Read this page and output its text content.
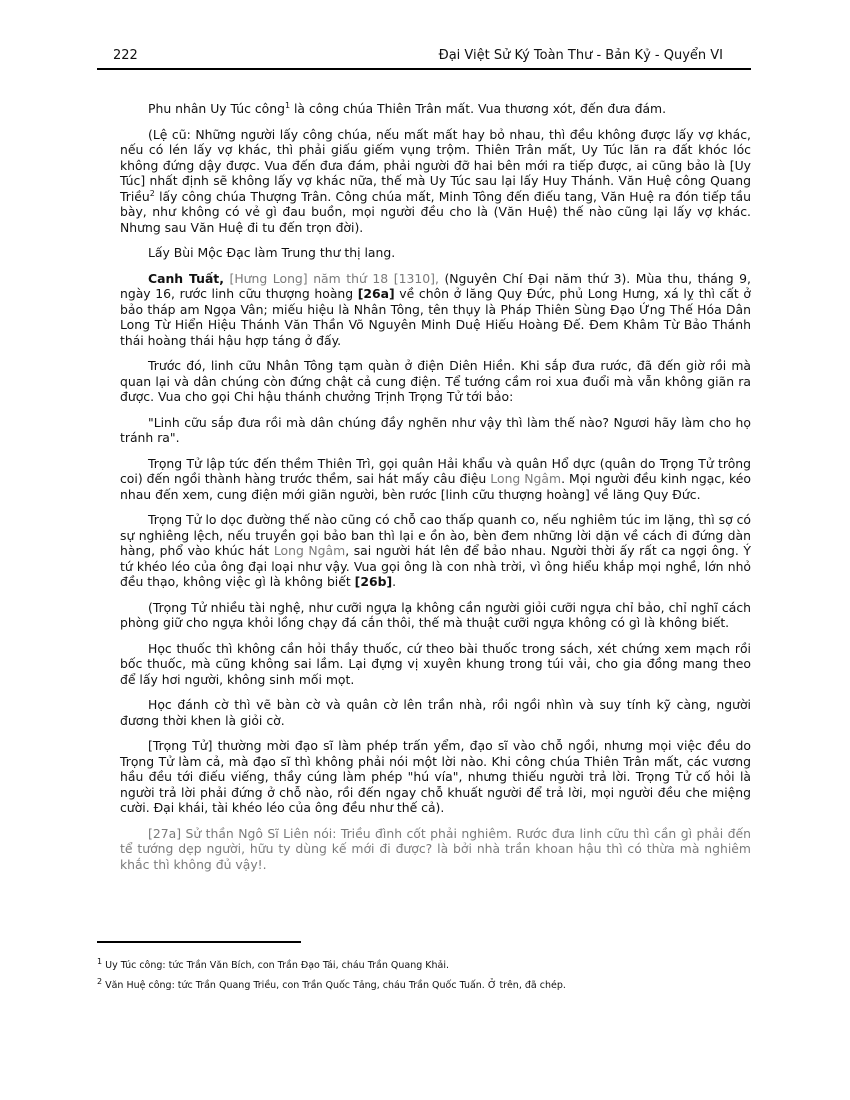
222	Đại Việt Sử Ký Toàn Thư - Bản Kỷ - Quyển VI

Phu nhân Uy Túc công$^1$ là công chúa Thiên Trân mất. Vua thương xót, đến đưa đám.

(Lệ cũ: Những người lấy công chúa, nếu mất mất hay bỏ nhau, thì đều không được lấy vợ khác, nếu có lén lấy vợ khác, thì phải giấu giếm vụng trộm. Thiên Trân mất, Uy Túc lăn ra đất khóc lóc không đứng dậy được. Vua đến đưa đám, phải người đỡ hai bên mới ra tiếp được, ai cũng bảo là [Uy Túc] nhất định sẽ không lấy vợ khác nữa, thế mà Uy Túc sau lại lấy Huy Thánh. Văn Huệ công Quang Triều$^2$ lấy công chúa Thượng Trân. Công chúa mất, Minh Tông đến điếu tang, Văn Huệ ra đón tiếp tầu bày, như không có vẻ gì đau buồn, mọi người đều cho là (Văn Huệ) thế nào cũng lại lấy vợ khác. Nhưng sau Văn Huệ đi tu đến trọn đời).

Lấy Bùi Mộc Đạc làm Trung thư thị lang.

Canh Tuất, [Hưng Long] năm thứ 18 [1310], (Nguyên Chí Đại năm thứ 3). Mùa thu, tháng 9, ngày 16, rước linh cữu thượng hoàng [26a] về chôn ở lăng Quy Đức, phủ Long Hưng, xá lỵ thì cất ở bảo tháp am Ngọa Vân; miếu hiệu là Nhân Tông, tên thụy là Pháp Thiên Sùng Đạo Ứng Thế Hóa Dân Long Từ Hiển Hiệu Thánh Văn Thần Võ Nguyên Minh Duệ Hiếu Hoàng Đế. Đem Khâm Từ Bảo Thánh thái hoàng thái hậu hợp táng ở đấy.

Trước đó, linh cữu Nhân Tông tạm quàn ở điện Diên Hiền. Khi sắp đưa rước, đã đến giờ rồi mà quan lại và dân chúng còn đứng chật cả cung điện. Tể tướng cầm roi xua đuổi mà vẫn không giãn ra được. Vua cho gọi Chi hậu thánh chưởng Trịnh Trọng Tử tới bảo:

"Linh cữu sắp đưa rồi mà dân chúng đầy nghẽn như vậy thì làm thế nào? Ngươi hãy làm cho họ tránh ra".

Trọng Tử lập tức đến thềm Thiên Trì, gọi quân Hải khẩu và quân Hổ dực (quân do Trọng Tử trông coi) đến ngồi thành hàng trước thềm, sai hát mấy câu điệu Long Ngâm. Mọi người đều kinh ngạc, kéo nhau đến xem, cung điện mới giãn người, bèn rước [linh cữu thượng hoàng] về lăng Quy Đức.

Trọng Tử lo dọc đường thế nào cũng có chỗ cao thấp quanh co, nếu nghiêm túc im lặng, thì sợ có sự nghiêng lệch, nếu truyền gọi bảo ban thì lại e ồn ào, bèn đem những lời dặn về cách đi đứng dàn hàng, phổ vào khúc hát Long Ngâm, sai người hát lên để bảo nhau. Người thời ấy rất ca ngợi ông. Ý tứ khéo léo của ông đại loại như vậy. Vua gọi ông là con nhà trời, vì ông hiểu khắp mọi nghề, lớn nhỏ đều thạo, không việc gì là không biết [26b].

(Trọng Tử nhiều tài nghệ, như cưỡi ngựa lạ không cần người giỏi cưỡi ngựa chỉ bảo, chỉ nghĩ cách phòng giữ cho ngựa khỏi lồng chạy đá cắn thôi, thế mà thuật cưỡi ngựa không có gì là không biết.

Học thuốc thì không cần hỏi thầy thuốc, cứ theo bài thuốc trong sách, xét chứng xem mạch rồi bốc thuốc, mà cũng không sai lầm. Lại đựng vị xuyên khung trong túi vải, cho gia đồng mang theo để lấy hơi người, không sinh mối mọt.

Học đánh cờ thì vẽ bàn cờ và quân cờ lên trần nhà, rồi ngồi nhìn và suy tính kỹ càng, người đương thời khen là giỏi cờ.

[Trọng Tử] thường mời đạo sĩ làm phép trấn yểm, đạo sĩ vào chỗ ngồi, nhưng mọi việc đều do Trọng Tử làm cả, mà đạo sĩ thì không phải nói một lời nào. Khi công chúa Thiên Trân mất, các vương hầu đều tới điếu viếng, thầy cúng làm phép "hú vía", nhưng thiếu người trả lời. Trọng Tử cố hỏi là người trả lời phải đứng ở chỗ nào, rồi đến ngay chỗ khuất người để trả lời, mọi người đều che miệng cười. Đại khái, tài khéo léo của ông đều như thế cả).

[27a] Sử thần Ngô Sĩ Liên nói: Triều đình cốt phải nghiêm. Rước đưa linh cữu thì cần gì phải đến tể tướng dẹp người, hữu ty dùng kế mới đi được? là bởi nhà trần khoan hậu thì có thừa mà nghiêm khắc thì không đủ vậy!.

$^1$ Uy Túc công: tức Trần Văn Bích, con Trần Đạo Tái, cháu Trần Quang Khải.
$^2$ Văn Huệ công: tức Trần Quang Triều, con Trần Quốc Tảng, cháu Trần Quốc Tuấn. Ở trên, đã chép.
